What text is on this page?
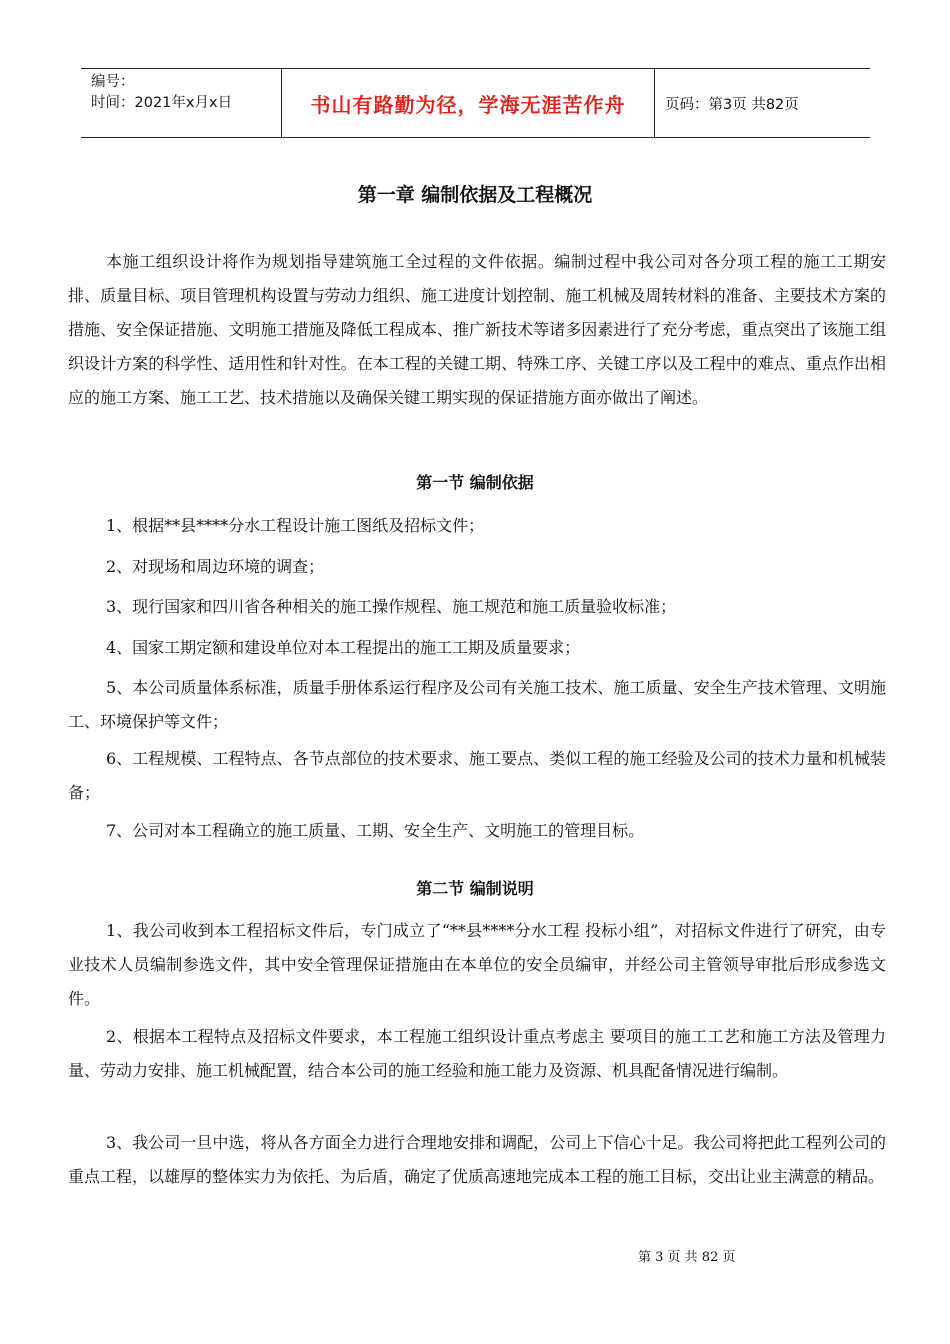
编号：
时间：2021年x月x日	书山有路勤为径，学海无涯苦作舟	页码：第3页 共82页
第一章 编制依据及工程概况

本施工组织设计将作为规划指导建筑施工全过程的文件依据。编制过程中我公司对各分项工程的施工工期安排、质量目标、项目管理机构设置与劳动力组织、施工进度计划控制、施工机械及周转材料的准备、主要技术方案的措施、安全保证措施、文明施工措施及降低工程成本、推广新技术等诸多因素进行了充分考虑，重点突出了该施工组织设计方案的科学性、适用性和针对性。在本工程的关键工期、特殊工序、关键工序以及工程中的难点、重点作出相应的施工方案、施工工艺、技术措施以及确保关键工期实现的保证措施方面亦做出了阐述。

第一节 编制依据

1、根据**县****分水工程设计施工图纸及招标文件；

2、对现场和周边环境的调查；

3、现行国家和四川省各种相关的施工操作规程、施工规范和施工质量验收标准；

4、国家工期定额和建设单位对本工程提出的施工工期及质量要求；

5、本公司质量体系标准，质量手册体系运行程序及公司有关施工技术、施工质量、安全生产技术管理、文明施工、环境保护等文件；

6、工程规模、工程特点、各节点部位的技术要求、施工要点、类似工程的施工经验及公司的技术力量和机械装备；

7、公司对本工程确立的施工质量、工期、安全生产、文明施工的管理目标。

第二节 编制说明

1、我公司收到本工程招标文件后，专门成立了“**县****分水工程 投标小组”，对招标文件进行了研究，由专业技术人员编制参选文件，其中安全管理保证措施由在本单位的安全员编审，并经公司主管领导审批后形成参选文件。

2、根据本工程特点及招标文件要求，本工程施工组织设计重点考虑主 要项目的施工工艺和施工方法及管理力量、劳动力安排、施工机械配置，结合本公司的施工经验和施工能力及资源、机具配备情况进行编制。

3、我公司一旦中选，将从各方面全力进行合理地安排和调配，公司上下信心十足。我公司将把此工程列公司的重点工程，以雄厚的整体实力为依托、为后盾，确定了优质高速地完成本工程的施工目标，交出让业主满意的精品。

第 3 页 共 82 页
